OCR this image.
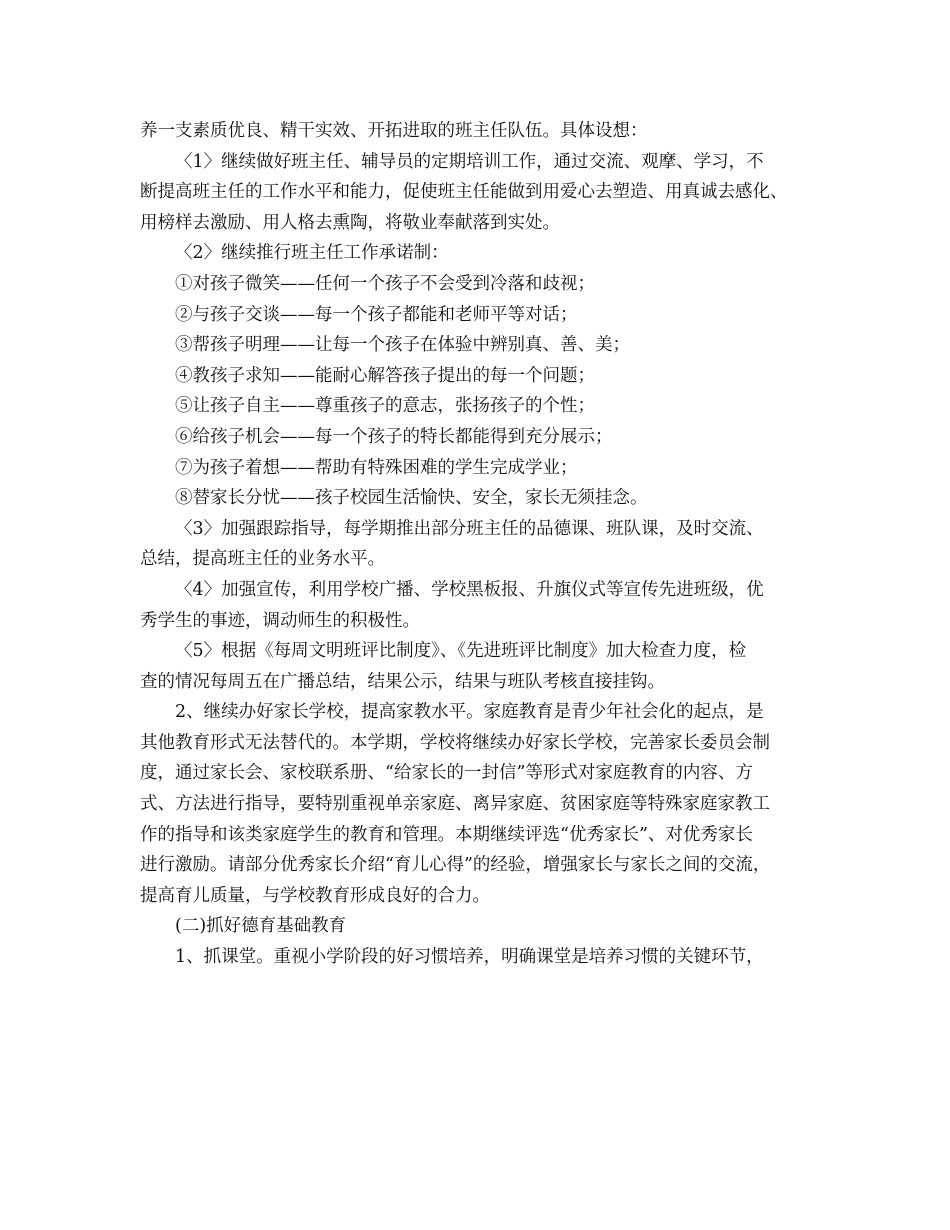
养一支素质优良、精干实效、开拓进取的班主任队伍。具体设想：
〈1〉继续做好班主任、辅导员的定期培训工作，通过交流、观摩、学习，不
断提高班主任的工作水平和能力，促使班主任能做到用爱心去塑造、用真诚去感化、
用榜样去激励、用人格去熏陶，将敬业奉献落到实处。
〈2〉继续推行班主任工作承诺制：
①对孩子微笑——任何一个孩子不会受到冷落和歧视；
②与孩子交谈——每一个孩子都能和老师平等对话；
③帮孩子明理——让每一个孩子在体验中辨别真、善、美；
④教孩子求知——能耐心解答孩子提出的每一个问题；
⑤让孩子自主——尊重孩子的意志，张扬孩子的个性；
⑥给孩子机会——每一个孩子的特长都能得到充分展示；
⑦为孩子着想——帮助有特殊困难的学生完成学业；
⑧替家长分忧——孩子校园生活愉快、安全，家长无须挂念。
〈3〉加强跟踪指导，每学期推出部分班主任的品德课、班队课，及时交流、
总结，提高班主任的业务水平。
〈4〉加强宣传，利用学校广播、学校黑板报、升旗仪式等宣传先进班级，优
秀学生的事迹，调动师生的积极性。
〈5〉根据《每周文明班评比制度》、《先进班评比制度》加大检查力度，检
查的情况每周五在广播总结，结果公示，结果与班队考核直接挂钩。
2、继续办好家长学校，提高家教水平。家庭教育是青少年社会化的起点，是
其他教育形式无法替代的。本学期，学校将继续办好家长学校，完善家长委员会制
度，通过家长会、家校联系册、“给家长的一封信”等形式对家庭教育的内容、方
式、方法进行指导，要特别重视单亲家庭、离异家庭、贫困家庭等特殊家庭家教工
作的指导和该类家庭学生的教育和管理。本期继续评选“优秀家长”、对优秀家长
进行激励。请部分优秀家长介绍“育儿心得”的经验，增强家长与家长之间的交流，
提高育儿质量，与学校教育形成良好的合力。
(二)抓好德育基础教育
1、抓课堂。重视小学阶段的好习惯培养，明确课堂是培养习惯的关键环节，
